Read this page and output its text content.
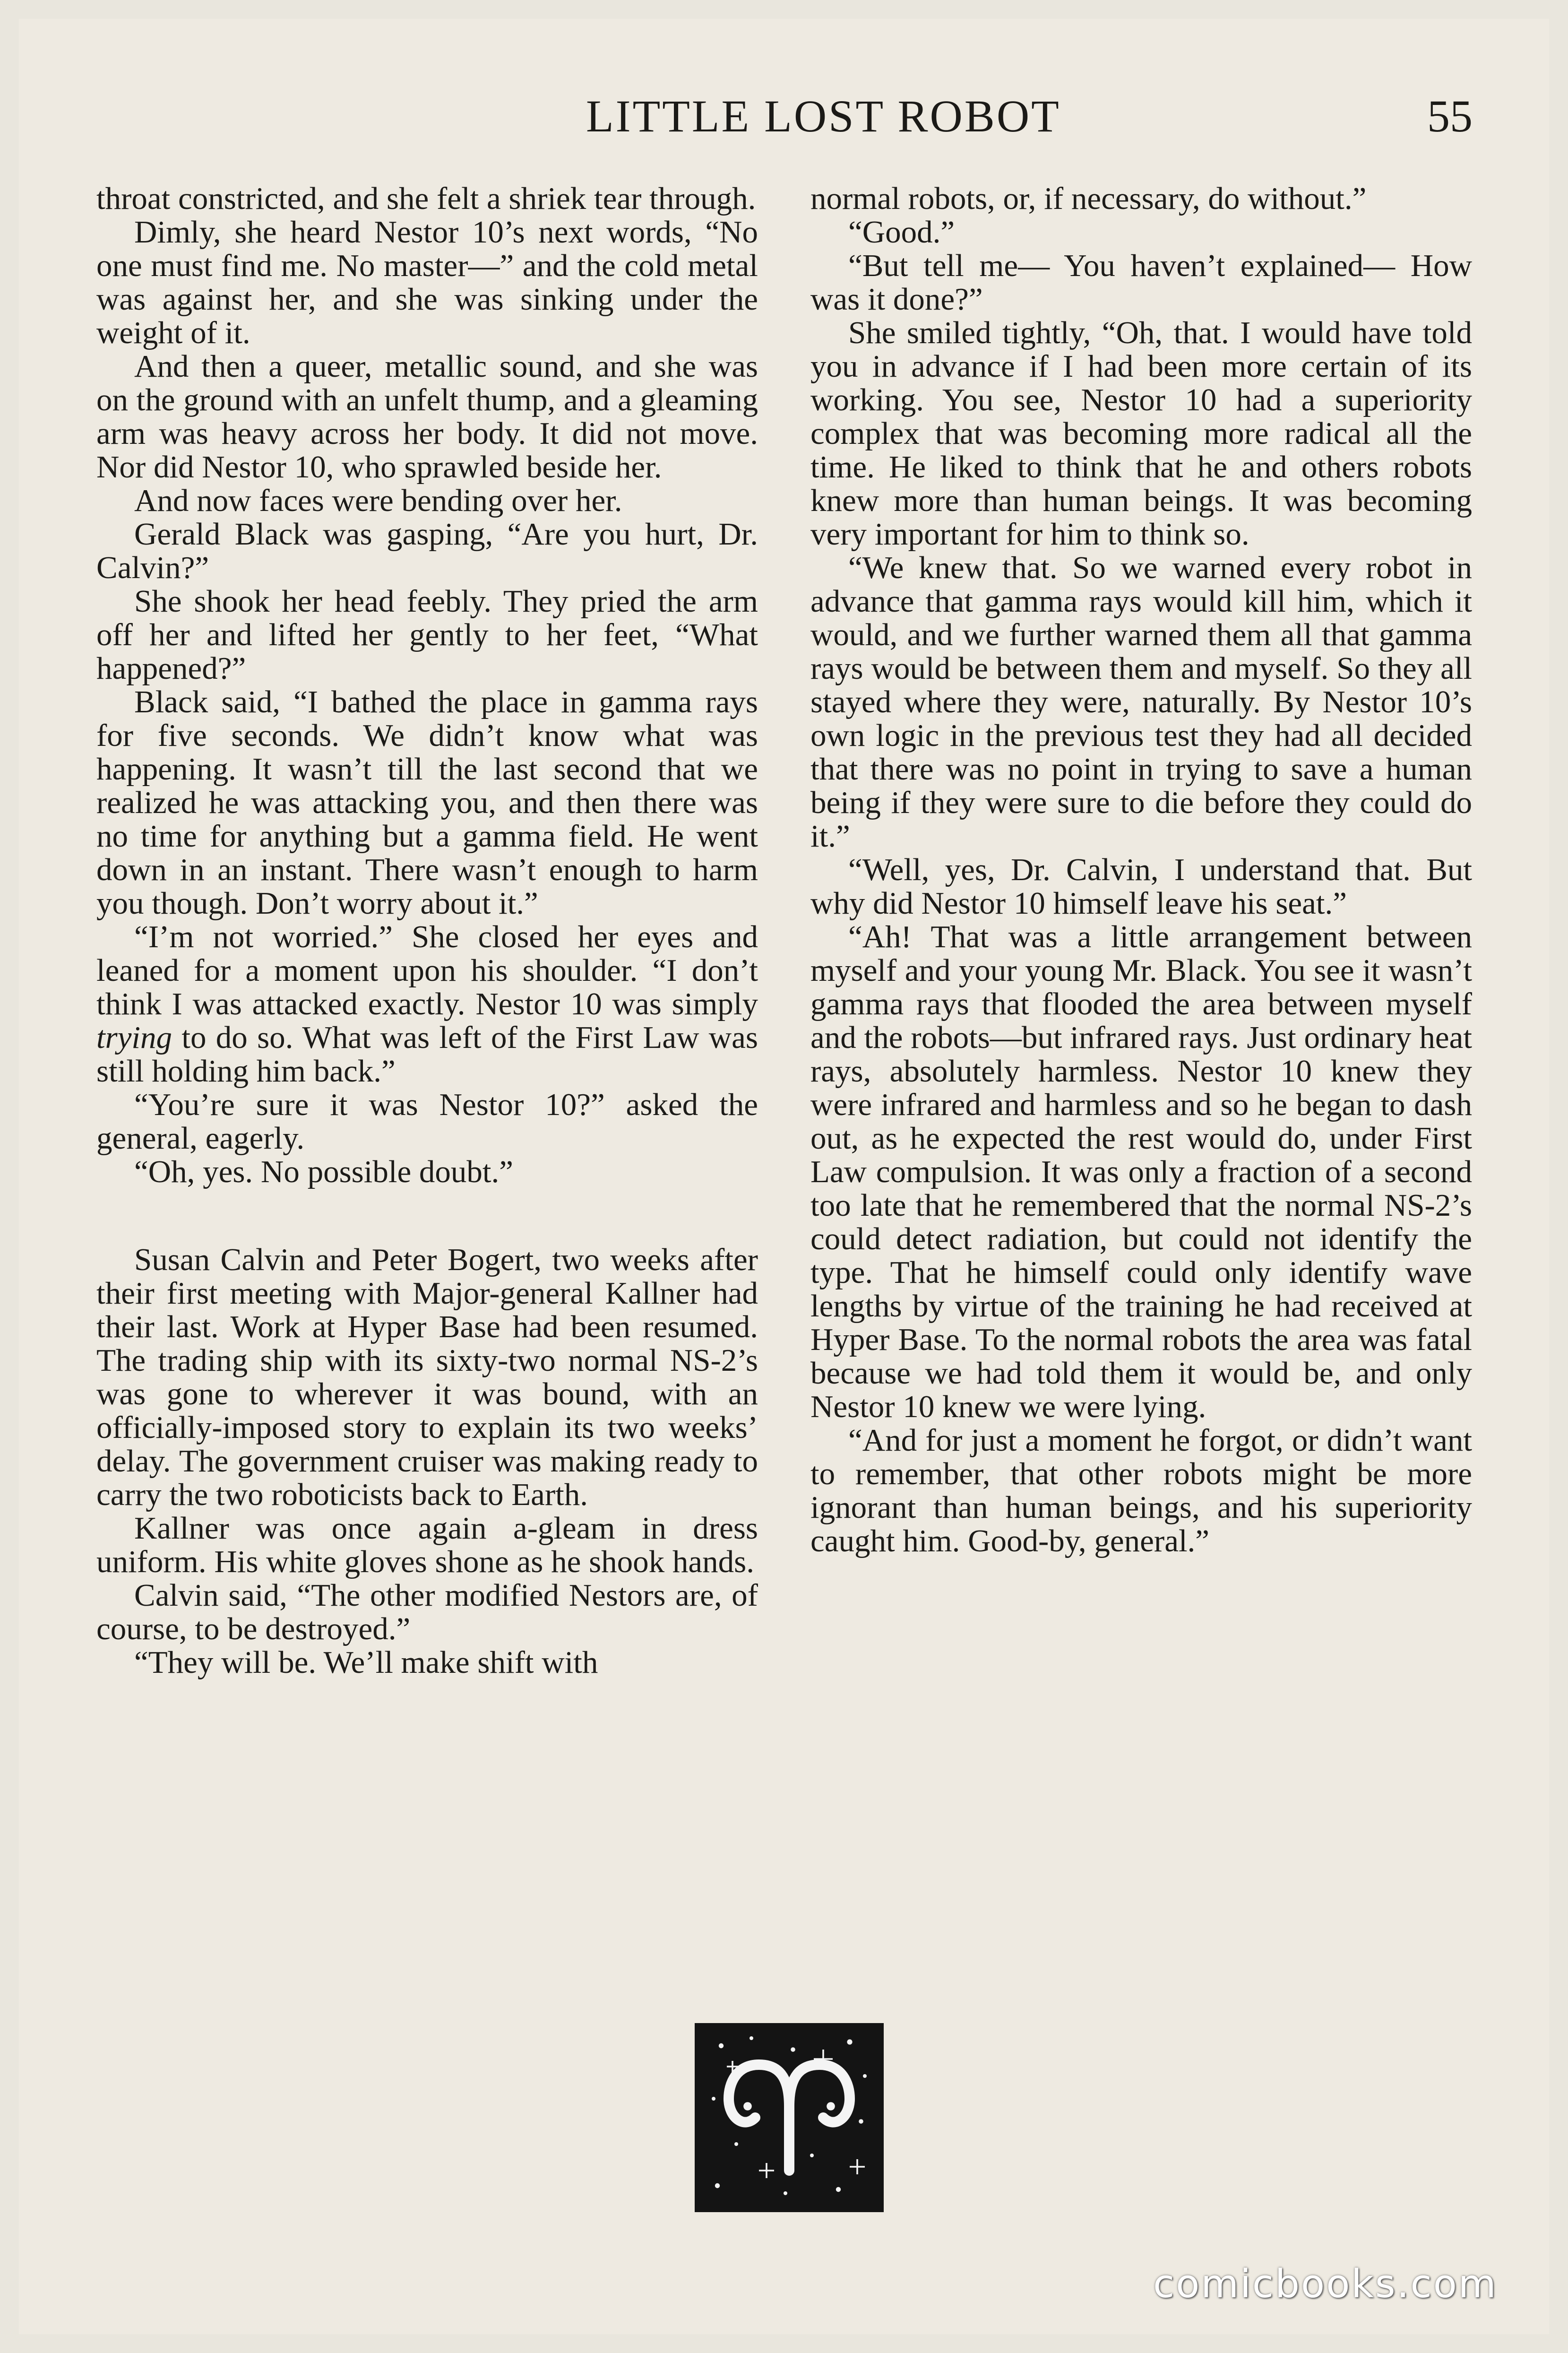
LITTLE LOST ROBOT	55

throat constricted, and she felt a shriek tear through.

Dimly, she heard Nestor 10’s next words, “No one must find me. No master—” and the cold metal was against her, and she was sinking under the weight of it.

And then a queer, metallic sound, and she was on the ground with an unfelt thump, and a gleaming arm was heavy across her body. It did not move. Nor did Nestor 10, who sprawled beside her.

And now faces were bending over her.

Gerald Black was gasping, “Are you hurt, Dr. Calvin?”

She shook her head feebly. They pried the arm off her and lifted her gently to her feet, “What happened?”

Black said, “I bathed the place in gamma rays for five seconds. We didn’t know what was happening. It wasn’t till the last second that we realized he was attacking you, and then there was no time for anything but a gamma field. He went down in an instant. There wasn’t enough to harm you though. Don’t worry about it.”

“I’m not worried.” She closed her eyes and leaned for a moment upon his shoulder. “I don’t think I was attacked exactly. Nestor 10 was simply trying to do so. What was left of the First Law was still holding him back.”

“You’re sure it was Nestor 10?” asked the general, eagerly.

“Oh, yes. No possible doubt.”

Susan Calvin and Peter Bogert, two weeks after their first meeting with Major-general Kallner had their last. Work at Hyper Base had been resumed. The trading ship with its sixty-two normal NS-2’s was gone to wherever it was bound, with an officially-imposed story to explain its two weeks’ delay. The government cruiser was making ready to carry the two roboticists back to Earth.

Kallner was once again a-gleam in dress uniform. His white gloves shone as he shook hands.

Calvin said, “The other modified Nestors are, of course, to be destroyed.”

“They will be. We’ll make shift with

normal robots, or, if necessary, do without.”

“Good.”

“But tell me— You haven’t explained— How was it done?”

She smiled tightly, “Oh, that. I would have told you in advance if I had been more certain of its working. You see, Nestor 10 had a superiority complex that was becoming more radical all the time. He liked to think that he and others robots knew more than human beings. It was becoming very important for him to think so.

“We knew that. So we warned every robot in advance that gamma rays would kill him, which it would, and we further warned them all that gamma rays would be between them and myself. So they all stayed where they were, naturally. By Nestor 10’s own logic in the previous test they had all decided that there was no point in trying to save a human being if they were sure to die before they could do it.”

“Well, yes, Dr. Calvin, I understand that. But why did Nestor 10 himself leave his seat.”

“Ah! That was a little arrangement between myself and your young Mr. Black. You see it wasn’t gamma rays that flooded the area between myself and the robots—but infrared rays. Just ordinary heat rays, absolutely harmless. Nestor 10 knew they were infrared and harmless and so he began to dash out, as he expected the rest would do, under First Law compulsion. It was only a fraction of a second too late that he remembered that the normal NS-2’s could detect radiation, but could not identify the type. That he himself could only identify wave lengths by virtue of the training he had received at Hyper Base. To the normal robots the area was fatal because we had told them it would be, and only Nestor 10 knew we were lying.

“And for just a moment he forgot, or didn’t want to remember, that other robots might be more ignorant than human beings, and his superiority caught him. Good-by, general.”

comicbooks.com
